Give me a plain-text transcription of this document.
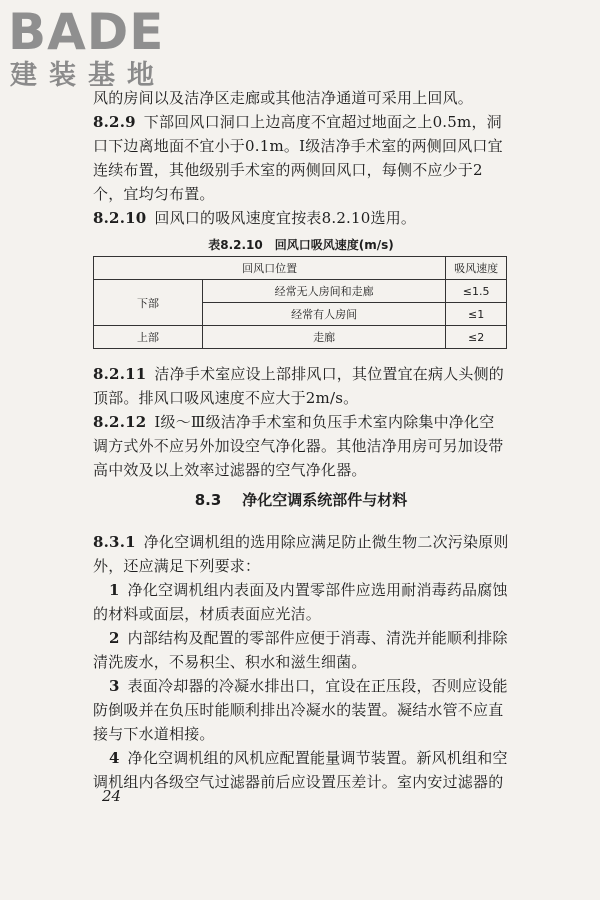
BADE
建装基地
风的房间以及洁净区走廊或其他洁净通道可采用上回风。
8.2.9 下部回风口洞口上边高度不宜超过地面之上0.5m，洞口下边离地面不宜小于0.1m。Ⅰ级洁净手术室的两侧回风口宜连续布置，其他级别手术室的两侧回风口，每侧不应少于2个，宜均匀布置。
8.2.10 回风口的吸风速度宜按表8.2.10选用。
表8.2.10　回风口吸风速度(m/s)
回风口位置		吸风速度
下部	经常无人房间和走廊	≤1.5
	经常有人房间	≤1
上部	走廊	≤2
8.2.11 洁净手术室应设上部排风口，其位置宜在病人头侧的顶部。排风口吸风速度不应大于2m/s。
8.2.12 Ⅰ级～Ⅲ级洁净手术室和负压手术室内除集中净化空调方式外不应另外加设空气净化器。其他洁净用房可另加设带高中效及以上效率过滤器的空气净化器。
8.3 净化空调系统部件与材料
8.3.1 净化空调机组的选用除应满足防止微生物二次污染原则外，还应满足下列要求：
1 净化空调机组内表面及内置零部件应选用耐消毒药品腐蚀的材料或面层，材质表面应光洁。
2 内部结构及配置的零部件应便于消毒、清洗并能顺利排除清洗废水，不易积尘、积水和滋生细菌。
3 表面冷却器的冷凝水排出口，宜设在正压段，否则应设能防倒吸并在负压时能顺利排出冷凝水的装置。凝结水管不应直接与下水道相接。
4 净化空调机组的风机应配置能量调节装置。新风机组和空调机组内各级空气过滤器前后应设置压差计。室内安过滤器的
24
